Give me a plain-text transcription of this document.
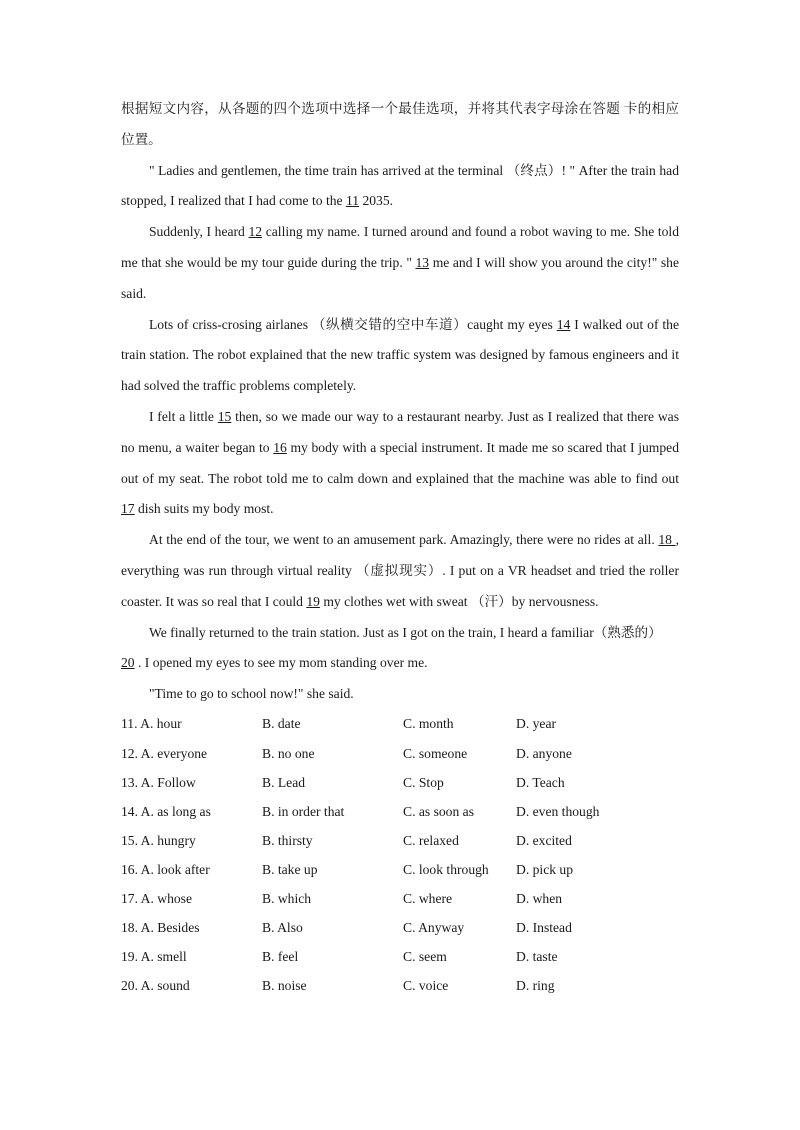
根据短文内容，从各题的四个选项中选择一个最佳选项，并将其代表字母涂在答题 卡的相应位置。

" Ladies and gentlemen, the time train has arrived at the terminal （终点）! " After the train had stopped, I realized that I had come to the 11 2035.

Suddenly, I heard 12 calling my name. I turned around and found a robot waving to me. She told me that she would be my tour guide during the trip. " 13 me and I will show you around the city!" she said.

Lots of criss-crosing airlanes （纵横交错的空中车道）caught my eyes 14 I walked out of the train station. The robot explained that the new traffic system was designed by famous engineers and it had solved the traffic problems completely.

I felt a little 15 then, so we made our way to a restaurant nearby. Just as I realized that there was no menu, a waiter began to 16 my body with a special instrument. It made me so scared that I jumped out of my seat. The robot told me to calm down and explained that the machine was able to find out 17 dish suits my body most.

At the end of the tour, we went to an amusement park. Amazingly, there were no rides at all. 18 , everything was run through virtual reality （虚拟现实）. I put on a VR headset and tried the roller coaster. It was so real that I could 19 my clothes wet with sweat （汗）by nervousness.

We finally returned to the train station. Just as I got on the train, I heard a familiar（熟悉的）

20 . I opened my eyes to see my mom standing over me.

"Time to go to school now!" she said.

11. A. hour	B. date	C. month	D. year
12. A. everyone	B. no one	C. someone	D. anyone
13. A. Follow	B. Lead	C. Stop	D. Teach
14. A. as long as	B. in order that	C. as soon as	D. even though
15. A. hungry	B. thirsty	C. relaxed	D. excited
16. A. look after	B. take up	C. look through	D. pick up
17. A. whose	B. which	C. where	D. when
18. A. Besides	B. Also	C. Anyway	D. Instead
19. A. smell	B. feel	C. seem	D. taste
20. A. sound	B. noise	C. voice	D. ring
